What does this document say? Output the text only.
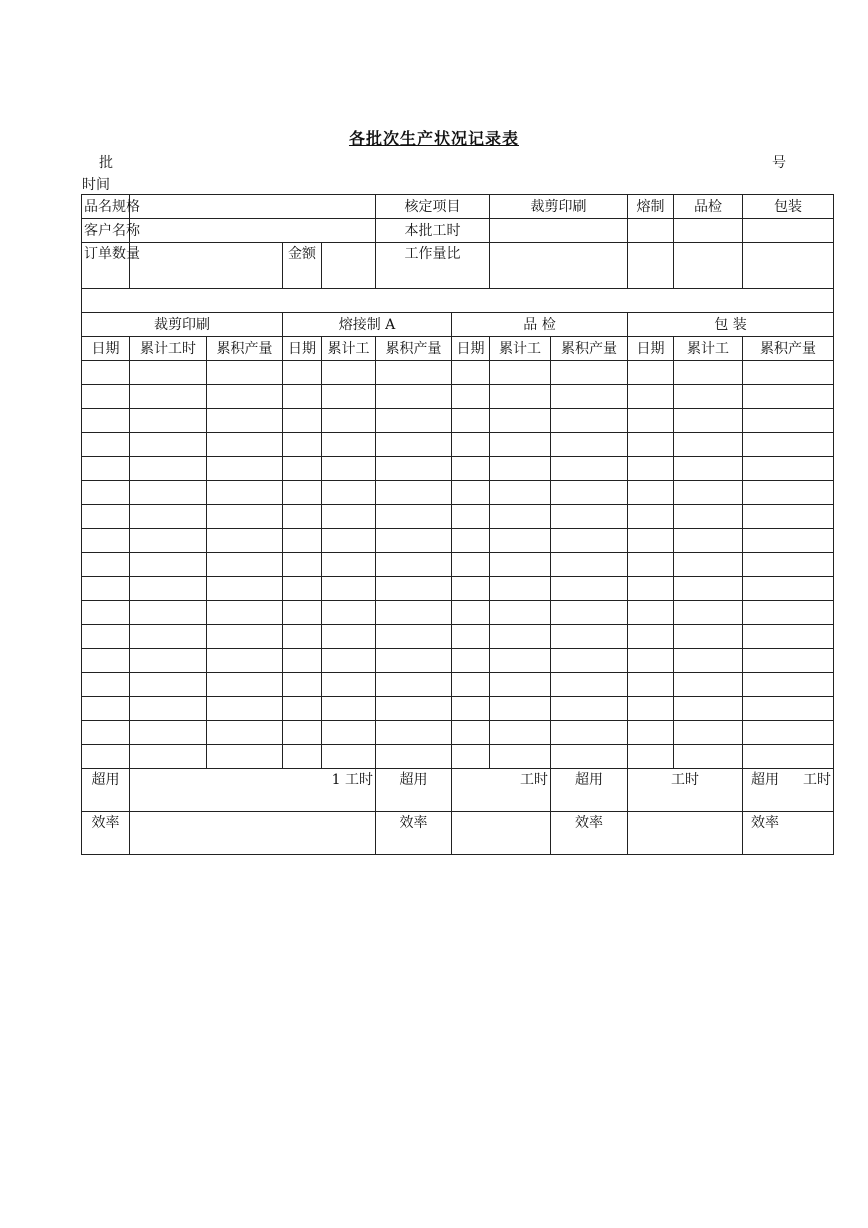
各批次生产状况记录表
批	号
时间
品名规格					核定项目		裁剪印刷		熔制	品检	包装
客户名称					本批工时						
订单数量			金额		工作量比						

裁剪印刷			熔接制 A			品 检			包 装		
日期	累计工时	累积产量	日期	累计工	累积产量	日期	累计工	累积产量	日期	累计工	累积产量

超用	1 工时				超用	工时		超用	工时		超用 工时

效率					效率			效率			效率
